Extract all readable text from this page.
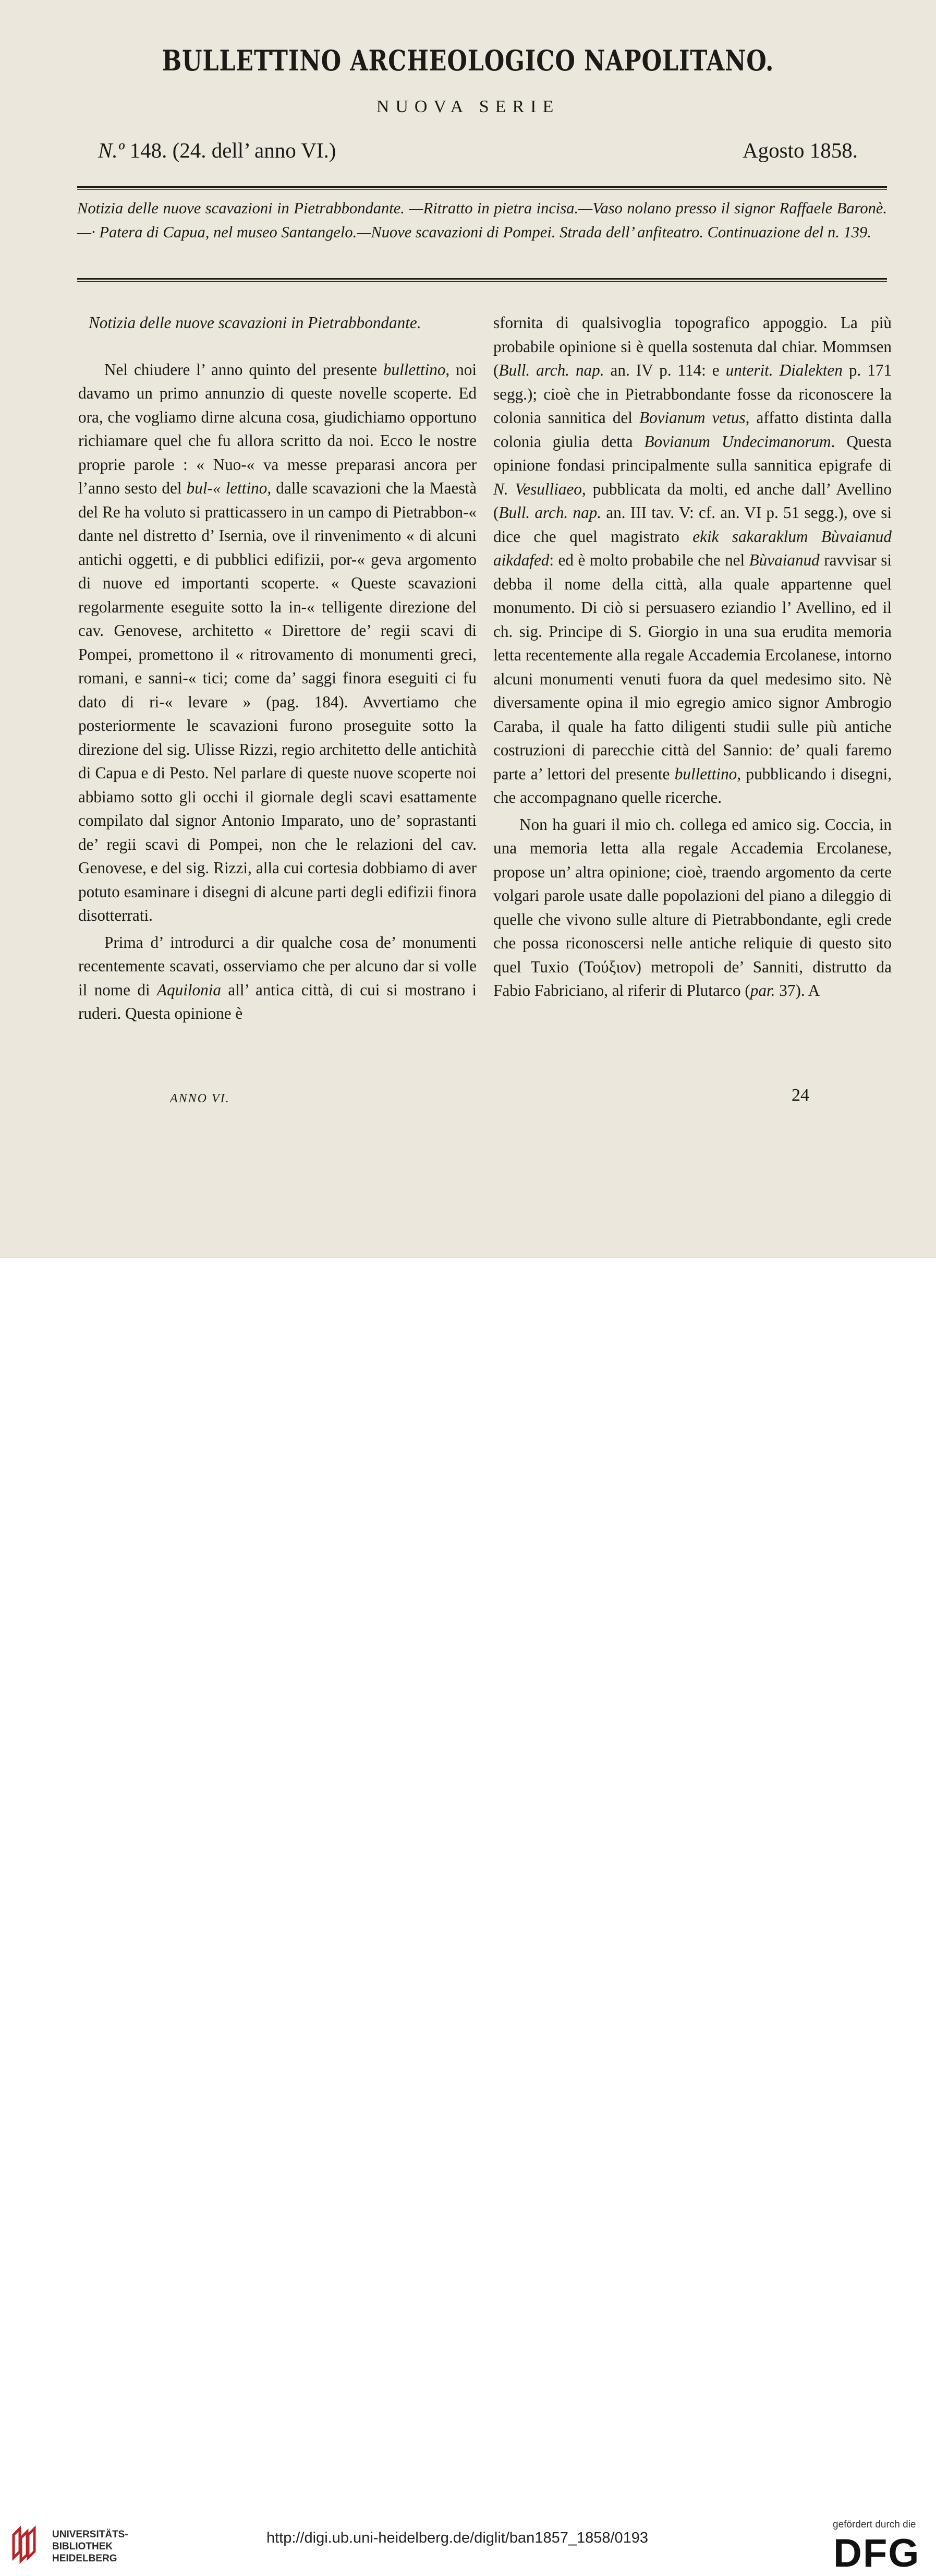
BULLETTINO ARCHEOLOGICO NAPOLITANO.
NUOVA SERIE
N.º 148. (24. dell’ anno VI.)	Agosto 1858.
Notizia delle nuove scavazioni in Pietrabbondante. —Ritratto in pietra incisa.—Vaso nolano presso il signor Raffaele Baronè. —· Patera di Capua, nel museo Santangelo.—Nuove scavazioni di Pompei. Strada dell’ anfiteatro. Continuazione del n. 139.

Notizia delle nuove scavazioni in Pietrabbondante.

Nel chiudere l’ anno quinto del presente bullettino, noi davamo un primo annunzio di queste novelle scoperte. Ed ora, che vogliamo dirne alcuna cosa, giudichiamo opportuno richiamare quel che fu allora scritto da noi. Ecco le nostre proprie parole : « Nuo-« va messe preparasi ancora per l’anno sesto del bul-« lettino, dalle scavazioni che la Maestà del Re ha voluto si pratticassero in un campo di Pietrabbon-« dante nel distretto d’ Isernia, ove il rinvenimento « di alcuni antichi oggetti, e di pubblici edifizii, por-« geva argomento di nuove ed importanti scoperte. « Queste scavazioni regolarmente eseguite sotto la in-« telligente direzione del cav. Genovese, architetto « Direttore de’ regii scavi di Pompei, promettono il « ritrovamento di monumenti greci, romani, e sanni-« tici; come da’ saggi finora eseguiti ci fu dato di ri-« levare » (pag. 184). Avvertiamo che posteriormente le scavazioni furono proseguite sotto la direzione del sig. Ulisse Rizzi, regio architetto delle antichità di Capua e di Pesto. Nel parlare di queste nuove scoperte noi abbiamo sotto gli occhi il giornale degli scavi esattamente compilato dal signor Antonio Imparato, uno de’ soprastanti de’ regii scavi di Pompei, non che le relazioni del cav. Genovese, e del sig. Rizzi, alla cui cortesia dobbiamo di aver potuto esaminare i disegni di alcune parti degli edifizii finora disotterrati.

Prima d’ introdurci a dir qualche cosa de’ monumenti recentemente scavati, osserviamo che per alcuno dar si volle il nome di Aquilonia all’ antica città, di cui si mostrano i ruderi. Questa opinione è

sfornita di qualsivoglia topografico appoggio. La più probabile opinione si è quella sostenuta dal chiar. Mommsen (Bull. arch. nap. an. IV p. 114: e unterit. Dialekten p. 171 segg.); cioè che in Pietrabbondante fosse da riconoscere la colonia sannitica del Bovianum vetus, affatto distinta dalla colonia giulia detta Bovianum Undecimanorum. Questa opinione fondasi principalmente sulla sannitica epigrafe di N. Vesulliaeo, pubblicata da molti, ed anche dall’ Avellino (Bull. arch. nap. an. III tav. V: cf. an. VI p. 51 segg.), ove si dice che quel magistrato ekik sakaraklum Bùvaianud aikdafed: ed è molto probabile che nel Bùvaianud ravvisar si debba il nome della città, alla quale appartenne quel monumento. Di ciò si persuasero eziandio l’ Avellino, ed il ch. sig. Principe di S. Giorgio in una sua erudita memoria letta recentemente alla regale Accademia Ercolanese, intorno alcuni monumenti venuti fuora da quel medesimo sito. Nè diversamente opina il mio egregio amico signor Ambrogio Caraba, il quale ha fatto diligenti studii sulle più antiche costruzioni di parecchie città del Sannio: de’ quali faremo parte a’ lettori del presente bullettino, pubblicando i disegni, che accompagnano quelle ricerche.

Non ha guari il mio ch. collega ed amico sig. Coccia, in una memoria letta alla regale Accademia Ercolanese, propose un’ altra opinione; cioè, traendo argomento da certe volgari parole usate dalle popolazioni del piano a dileggio di quelle che vivono sulle alture di Pietrabbondante, egli crede che possa riconoscersi nelle antiche reliquie di questo sito quel Tuxio (Τούξιον) metropoli de’ Sanniti, distrutto da Fabio Fabriciano, al riferir di Plutarco (par. 37). A

ANNO VI.	24
UNIVERSITÄTS-
BIBLIOTHEK
HEIDELBERG
http://digi.ub.uni-heidelberg.de/diglit/ban1857_1858/0193
gefördert durch die
DFG
